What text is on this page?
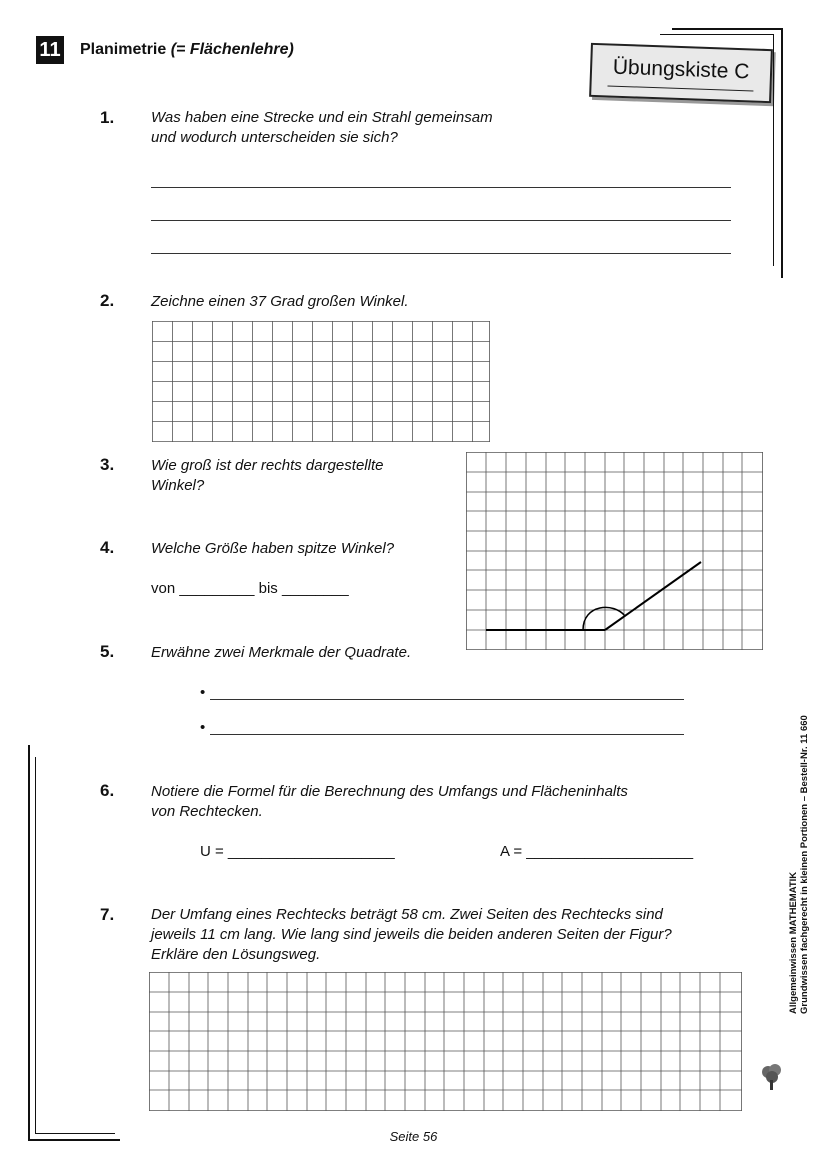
11 Planimetrie (= Flächenlehre)
Übungskiste C
1. Was haben eine Strecke und ein Strahl gemeinsam
und wodurch unterscheiden sie sich?
2. Zeichne einen 37 Grad großen Winkel.
3. Wie groß ist der rechts dargestellte
Winkel?
4. Welche Größe haben spitze Winkel?
von _________ bis ________
5. Erwähne zwei Merkmale der Quadrate.
•
•
6. Notiere die Formel für die Berechnung des Umfangs und Flächeninhalts
von Rechtecken.
U = ____________________	A = ____________________
7. Der Umfang eines Rechtecks beträgt 58 cm. Zwei Seiten des Rechtecks sind
jeweils 11 cm lang. Wie lang sind jeweils die beiden anderen Seiten der Figur?
Erkläre den Lösungsweg.	Allgemeinwissen MATHEMATIK Grundwissen fachgerecht in kleinen Portionen – Bestell-Nr. 11 660
Seite 56
